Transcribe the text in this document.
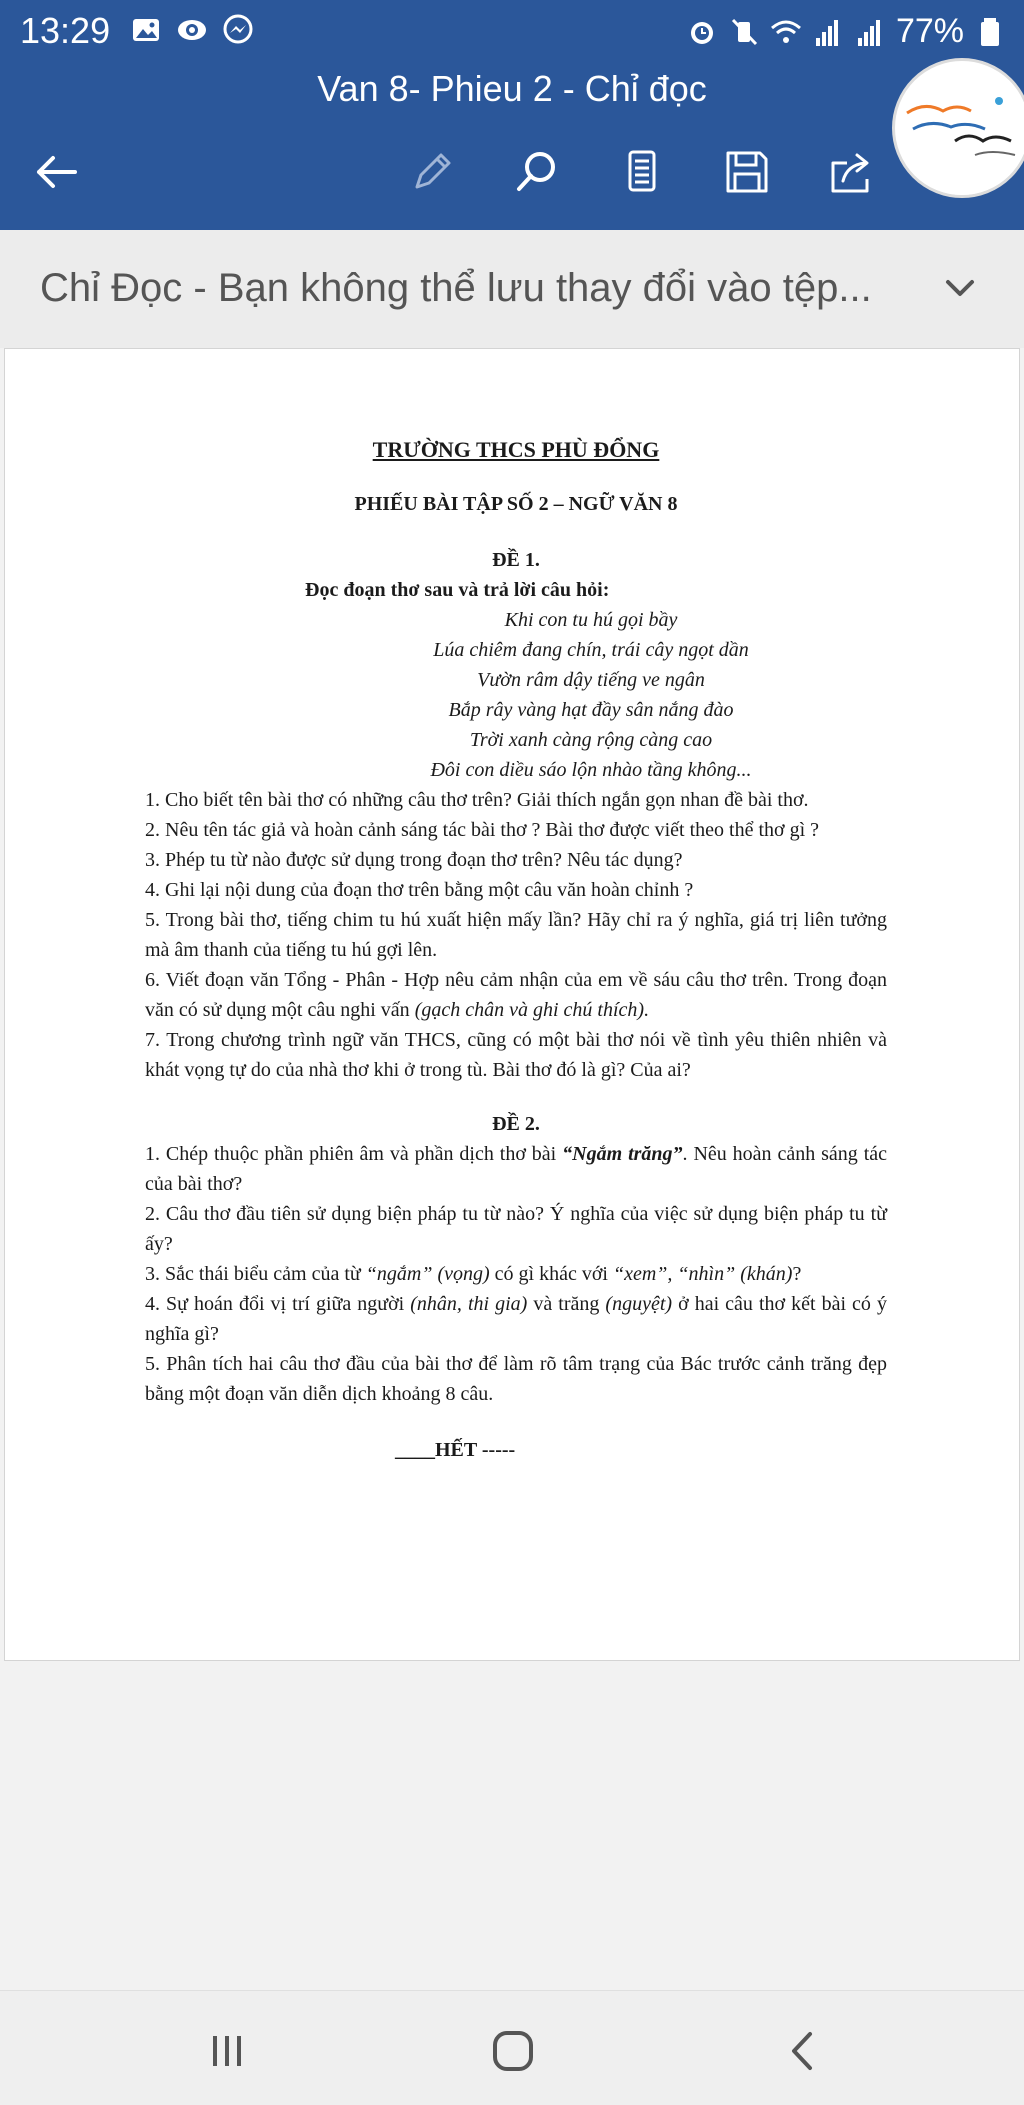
13:29	77%
Van 8- Phieu 2 - Chỉ đọc
Chỉ Đọc - Bạn không thể lưu thay đổi vào tệp...
TRƯỜNG THCS PHÙ ĐỔNG
PHIẾU BÀI TẬP SỐ 2 – NGỮ VĂN 8
ĐỀ 1.
Đọc đoạn thơ sau và trả lời câu hỏi:
Khi con tu hú gọi bầy
Lúa chiêm đang chín, trái cây ngọt dần
Vườn râm dậy tiếng ve ngân
Bắp rây vàng hạt đầy sân nắng đào
Trời xanh càng rộng càng cao
Đôi con diều sáo lộn nhào tầng không...
1. Cho biết tên bài thơ có những câu thơ trên? Giải thích ngắn gọn nhan đề bài thơ.
2. Nêu tên tác giả và hoàn cảnh sáng tác bài thơ ? Bài thơ được viết theo thể thơ gì ?
3. Phép tu từ nào được sử dụng trong đoạn thơ trên? Nêu tác dụng?
4. Ghi lại nội dung của đoạn thơ trên bằng một câu văn hoàn chỉnh ?
5. Trong bài thơ, tiếng chim tu hú xuất hiện mấy lần? Hãy chỉ ra ý nghĩa, giá trị liên tưởng mà âm thanh của tiếng tu hú gợi lên.
6. Viết đoạn văn Tổng - Phân - Hợp nêu cảm nhận của em về sáu câu thơ trên. Trong đoạn văn có sử dụng một câu nghi vấn (gạch chân và ghi chú thích).
7. Trong chương trình ngữ văn THCS, cũng có một bài thơ nói về tình yêu thiên nhiên và khát vọng tự do của nhà thơ khi ở trong tù. Bài thơ đó là gì? Của ai?
ĐỀ 2.
1. Chép thuộc phần phiên âm và phần dịch thơ bài “Ngắm trăng”. Nêu hoàn cảnh sáng tác của bài thơ?
2. Câu thơ đầu tiên sử dụng biện pháp tu từ nào? Ý nghĩa của việc sử dụng biện pháp tu từ ấy?
3. Sắc thái biểu cảm của từ “ngắm” (vọng) có gì khác với “xem”, “nhìn” (khán)?
4. Sự hoán đổi vị trí giữa người (nhân, thi gia) và trăng (nguyệt) ở hai câu thơ kết bài có ý nghĩa gì?
5. Phân tích hai câu thơ đầu của bài thơ để làm rõ tâm trạng của Bác trước cảnh trăng đẹp bằng một đoạn văn diễn dịch khoảng 8 câu.
____HẾT -----
